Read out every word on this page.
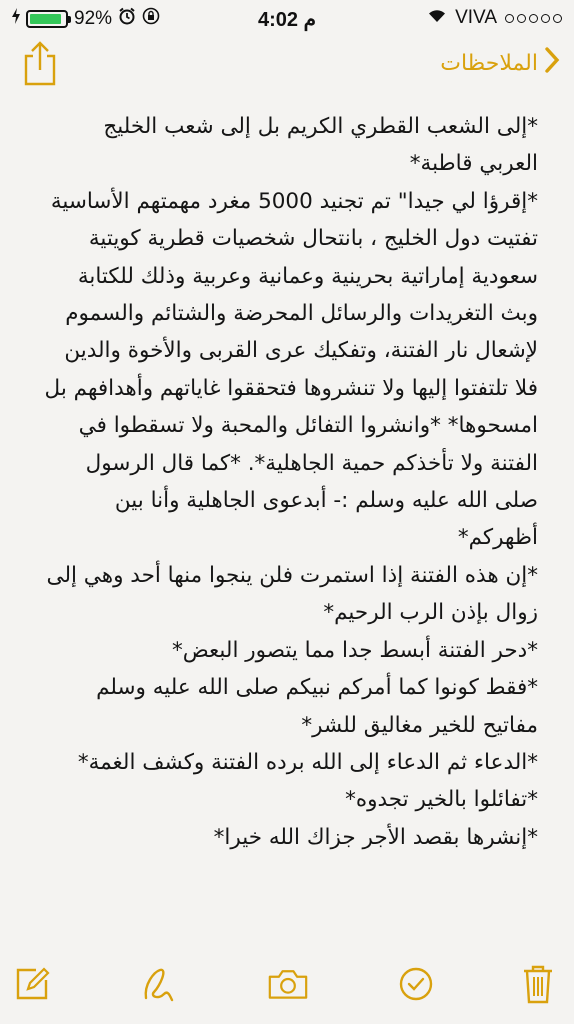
92%	4:02 م	VIVA
الملاحظات

*إلى الشعب القطري الكريم بل إلى شعب الخليج العربي قاطبة*

*إقرؤا لي جيدا" تم تجنيد 5000 مغرد مهمتهم الأساسية تفتيت دول الخليج ، بانتحال شخصيات قطرية كويتية سعودية إماراتية بحرينية وعمانية وعربية وذلك للكتابة وبث التغريدات والرسائل المحرضة والشتائم والسموم لإشعال نار الفتنة، وتفكيك عرى القربى والأخوة والدين فلا تلتفتوا إليها ولا تنشروها فتحققوا غاياتهم وأهدافهم بل امسحوها* *وانشروا التفائل والمحبة ولا تسقطوا في الفتنة ولا تأخذكم حمية الجاهلية*. *كما قال الرسول صلى الله عليه وسلم :- أبدعوى الجاهلية وأنا بين أظهركم*

*إن هذه الفتنة إذا استمرت فلن ينجوا منها أحد وهي إلى زوال بإذن الرب الرحيم*

*دحر الفتنة أبسط جدا مما يتصور البعض*

*فقط كونوا كما أمركم نبيكم صلى الله عليه وسلم مفاتيح للخير مغاليق للشر*

*الدعاء ثم الدعاء إلى الله برده الفتنة وكشف الغمة*

*تفائلوا بالخير تجدوه*

*إنشرها بقصد الأجر جزاك الله خيرا*
